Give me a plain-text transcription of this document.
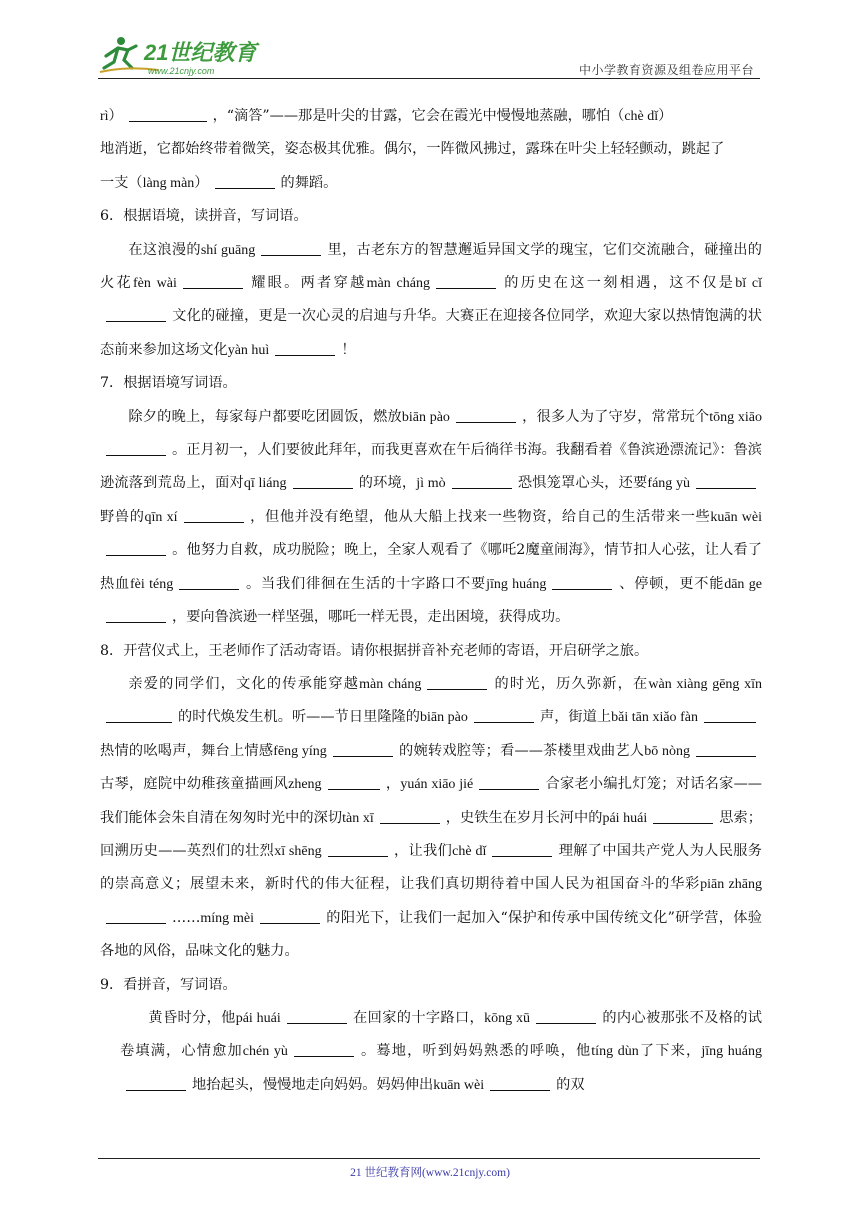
21世纪教育
www.21cnjy.com	中小学教育资源及组卷应用平台

rì）	，“滴答”——那是叶尖的甘露，它会在霞光中慢慢地蒸融，哪怕（chè dǐ）

地消逝，它都始终带着微笑，姿态极其优雅。偶尔，一阵微风拂过，露珠在叶尖上轻轻颤动，跳起了

一支（làng màn）	的舞蹈。

6．根据语境，读拼音，写词语。

在这浪漫的shí guāng	里，古老东方的智慧邂逅异国文学的瑰宝，它们交流融合，碰撞出的火花fèn wài	耀眼。两者穿越màn cháng	的历史在这一刻相遇，这不仅是bǐ cǐ文化的碰撞，更是一次心灵的启迪与升华。大赛正在迎接各位同学，欢迎大家以热情饱满的状态前来参加这场文化yàn huì	！

7．根据语境写词语。

除夕的晚上，每家每户都要吃团圆饭，燃放biān pào	，很多人为了守岁，常常玩个tōng xiāo。正月初一，人们要彼此拜年，而我更喜欢在午后徜徉书海。我翻看着《鲁滨逊漂流记》：鲁滨逊流落到荒岛上，面对qī liáng	的环境，jì mò	恐惧笼罩心头，还要fáng yù野兽的qīn xí	，但他并没有绝望，他从大船上找来一些物资，给自己的生活带来一些kuān wèi。他努力自救，成功脱险；晚上，全家人观看了《哪吒2魔童闹海》，情节扣人心弦，让人看了热血fèi téng	。当我们徘徊在生活的十字路口不要jīng huáng	、停顿，更不能dān ge，要向鲁滨逊一样坚强，哪吒一样无畏，走出困境，获得成功。

8．开营仪式上，王老师作了活动寄语。请你根据拼音补充老师的寄语，开启研学之旅。

亲爱的同学们，文化的传承能穿越màn cháng	的时光，历久弥新，在wàn xiàng gēng xīn的时代焕发生机。听——节日里隆隆的biān pào	声，街道上bǎi tān xiǎo fàn热情的吆喝声，舞台上情感fēng yíng	的婉转戏腔等；看——茶楼里戏曲艺人bō nòng古琴，庭院中幼稚孩童描画风zheng	，yuán xiāo jié	合家老小编扎灯笼；对话名家——我们能体会朱自清在匆匆时光中的深切tàn xī	，史铁生在岁月长河中的pái huái	思索；回溯历史——英烈们的壮烈xī shēng	，让我们chè dǐ	理解了中国共产党人为人民服务的崇高意义；展望未来，新时代的伟大征程，让我们真切期待着中国人民为祖国奋斗的华彩piān zhāng……míng mèi	的阳光下，让我们一起加入“保护和传承中国传统文化”研学营，体验各地的风俗，品味文化的魅力。

9．看拼音，写词语。

黄昏时分，他pái huái	在回家的十字路口，kōng xū	的内心被那张不及格的试卷填满，心情愈加chén yù	。蓦地，听到妈妈熟悉的呼唤，他tíng dùn了下来，jīng huáng地抬起头，慢慢地走向妈妈。妈妈伸出kuān wèi	的双

21 世纪教育网(www.21cnjy.com)
